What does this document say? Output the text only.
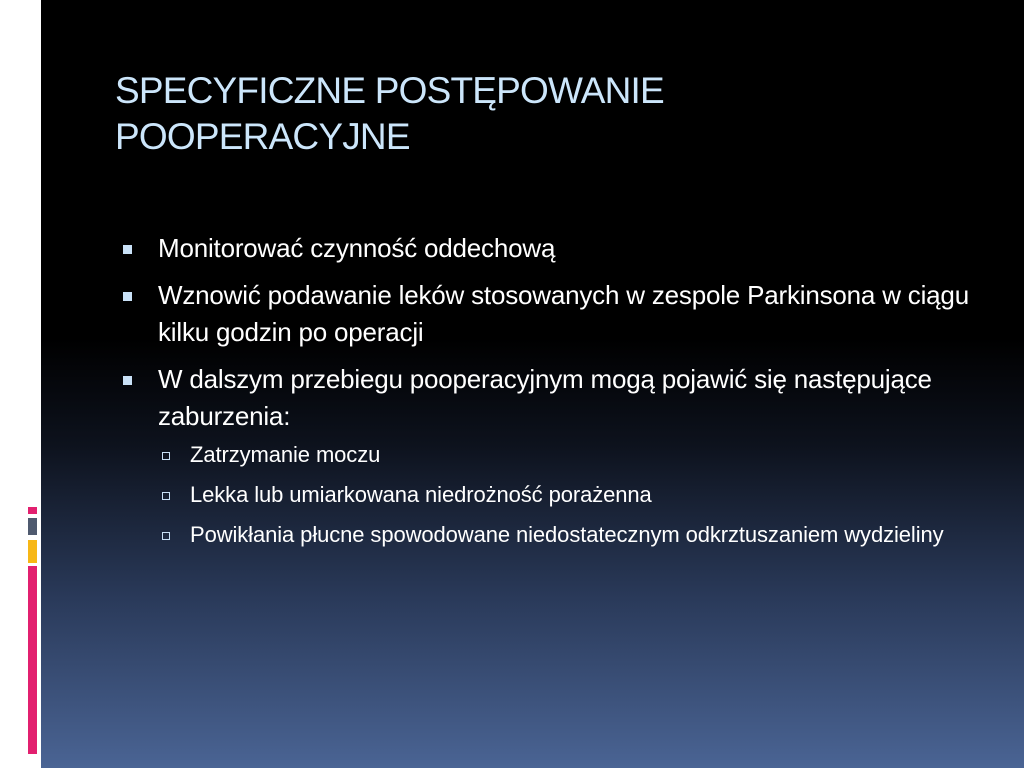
SPECYFICZNE POSTĘPOWANIE POOPERACYJNE
Monitorować czynność oddechową
Wznowić podawanie leków stosowanych w zespole Parkinsona w ciągu kilku godzin po operacji
W dalszym przebiegu pooperacyjnym mogą pojawić się następujące zaburzenia:
Zatrzymanie moczu
Lekka lub umiarkowana niedrożność porażenna
Powikłania płucne spowodowane niedostatecznym odkrztuszaniem wydzieliny
